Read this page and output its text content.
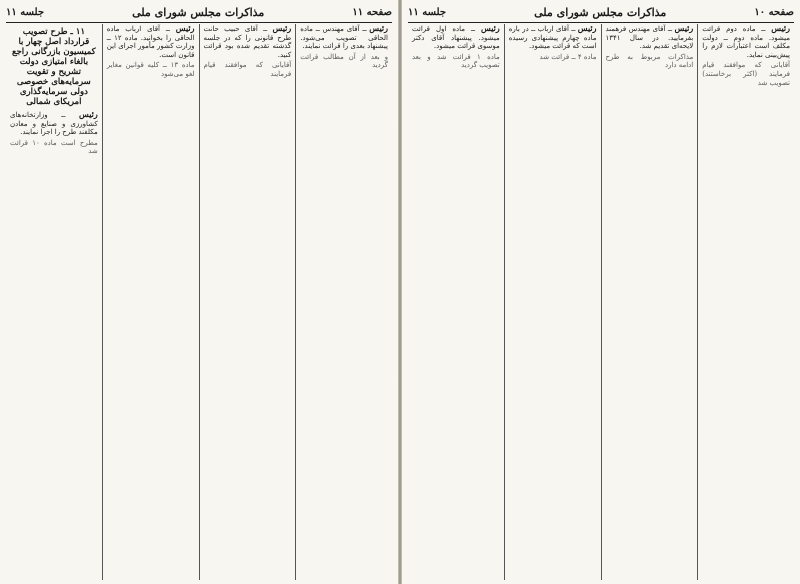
صفحه ۱۱
مذاکرات مجلس شورای ملی
جلسه ۱۱

رئیس ــ آقای مهندس ــ ماده الحاقی تصویب می‌شود. پیشنهاد بعدی را قرائت نمایند.

و بعد از آن مطالب قرائت گردید

رئیس ــ آقای حبیب حانت طرح قانونی را که در جلسه گذشته تقدیم شده بود قرائت کنید.

آقایانی که موافقند قیام فرمایند

رئیس ــ آقای ارباب ماده الحاقی را بخوانید. ماده ۱۲ ــ وزارت کشور مأمور اجرای این قانون است.

ماده ۱۳ ــ کلیه قوانین مغایر لغو می‌شود

۱۱ ـ طرح تصویب قرارداد اصل چهار با کمیسیون بازرگانی راجع بالغاء امتیازی دولت تشریح و تقویت سرمایه‌های خصوصی دولی سرمایه‌گذاری امریکای شمالی

رئیس ــ وزارتخانه‌های کشاورزی و صنایع و معادن مکلفند طرح را اجرا نمایند.

مطرح است ماده ۱۰ قرائت شد

صفحه ۱۰
مذاکرات مجلس شورای ملی
جلسه ۱۱

رئیس ــ ماده دوم قرائت میشود. ماده دوم ــ دولت مکلف است اعتبارات لازم را پیش‌بینی نماید.

آقایانی که موافقند قیام فرمایند (اکثر برخاستند) تصویب شد

رئیس ــ آقای مهندس فرهمند بفرمایید. در سال ۱۳۴۱ لایحه‌ای تقدیم شد.

مذاکرات مربوط به طرح ادامه دارد

رئیس ــ آقای ارباب ــ در باره ماده چهارم پیشنهادی رسیده است که قرائت میشود.

ماده ۴ ــ قرائت شد

رئیس ــ ماده اول قرائت میشود. پیشنهاد آقای دکتر موسوی قرائت میشود.

ماده ۱ قرائت شد و بعد تصویب گردید
